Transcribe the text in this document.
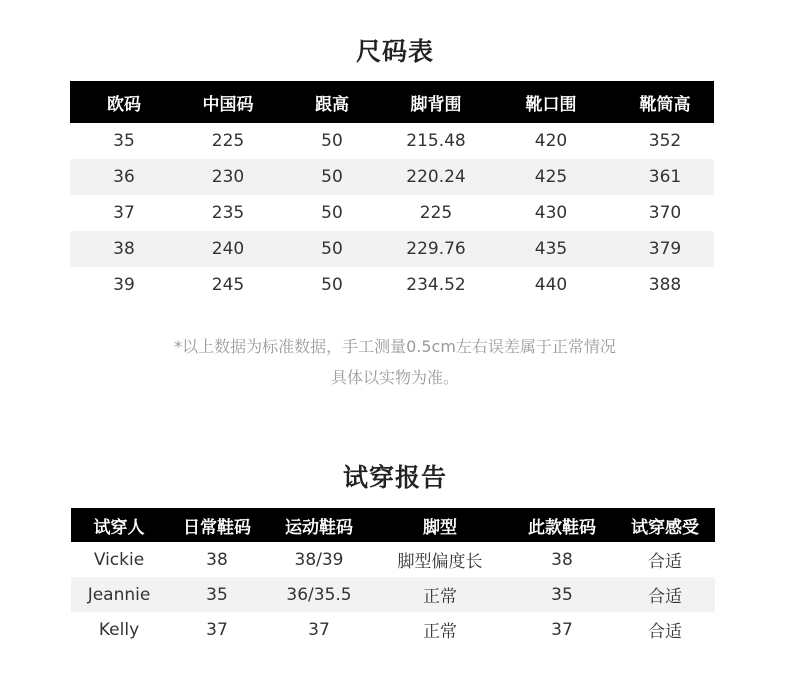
尺码表
欧码	中国码	跟高	脚背围	靴口围	靴筒高
35	225	50	215.48	420	352
36	230	50	220.24	425	361
37	235	50	225	430	370
38	240	50	229.76	435	379
39	245	50	234.52	440	388
*以上数据为标准数据，手工测量0.5cm左右误差属于正常情况
具体以实物为准。
试穿报告
试穿人	日常鞋码	运动鞋码	脚型	此款鞋码	试穿感受
Vickie	38	38/39	脚型偏度长	38	合适
Jeannie	35	36/35.5	正常	35	合适
Kelly	37	37	正常	37	合适
